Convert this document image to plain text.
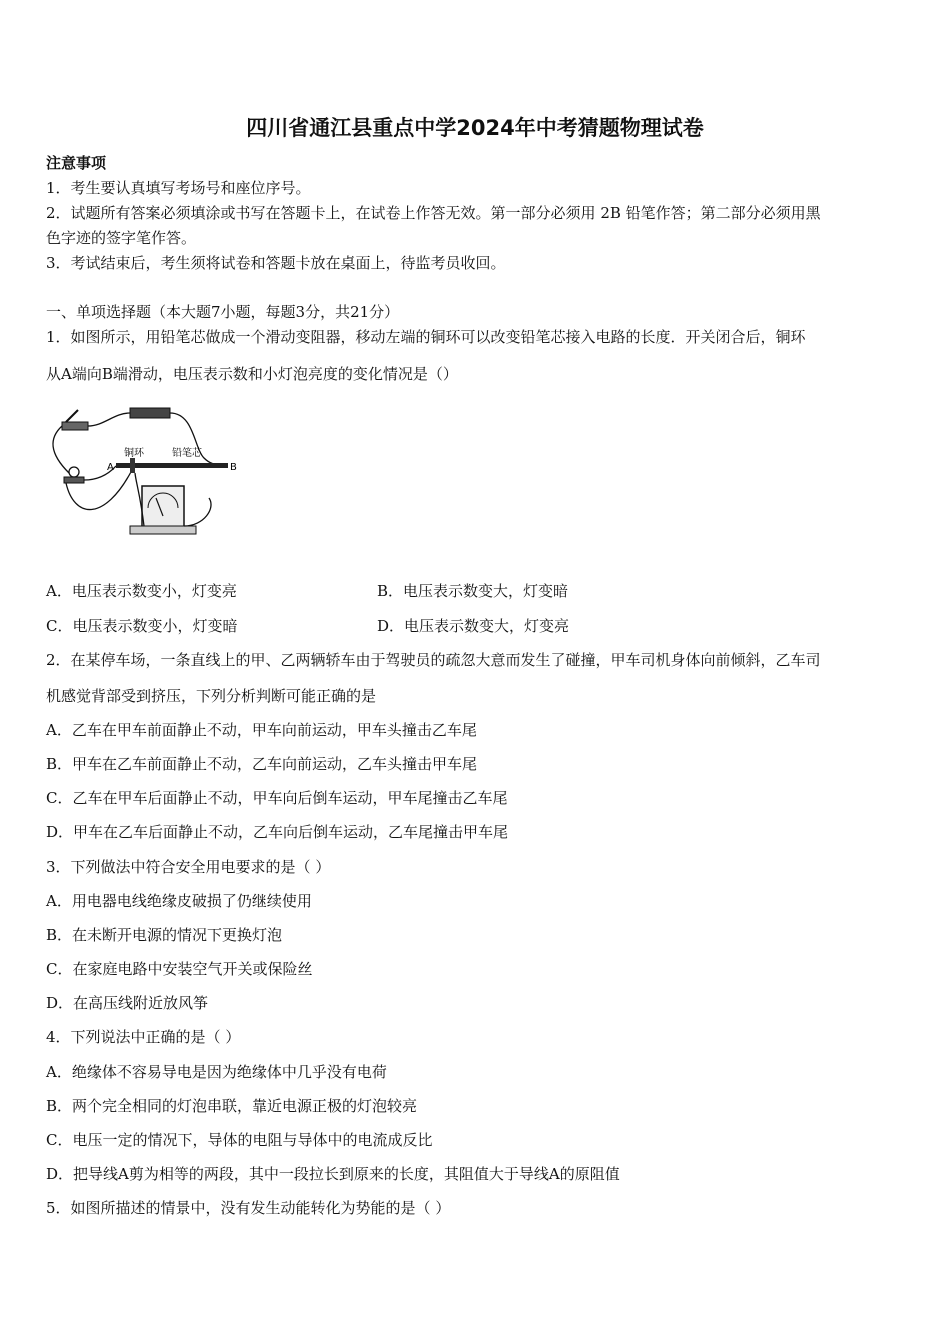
四川省通江县重点中学2024年中考猜题物理试卷
注意事项
1．考生要认真填写考场号和座位序号。
2．试题所有答案必须填涂或书写在答题卡上，在试卷上作答无效。第一部分必须用 2B 铅笔作答；第二部分必须用黑
色字迹的签字笔作答。
3．考试结束后，考生须将试卷和答题卡放在桌面上，待监考员收回。
一、单项选择题（本大题7小题，每题3分，共21分）
1．如图所示，用铅笔芯做成一个滑动变阻器，移动左端的铜环可以改变铅笔芯接入电路的长度．开关闭合后，铜环
从A端向B端滑动，电压表示数和小灯泡亮度的变化情况是（）
A	B
铜环	铅笔芯
A．电压表示数变小，灯变亮	B．电压表示数变大，灯变暗
C．电压表示数变小，灯变暗	D．电压表示数变大，灯变亮
2．在某停车场，一条直线上的甲、乙两辆轿车由于驾驶员的疏忽大意而发生了碰撞，甲车司机身体向前倾斜，乙车司
机感觉背部受到挤压，下列分析判断可能正确的是
A．乙车在甲车前面静止不动，甲车向前运动，甲车头撞击乙车尾
B．甲车在乙车前面静止不动，乙车向前运动，乙车头撞击甲车尾
C．乙车在甲车后面静止不动，甲车向后倒车运动，甲车尾撞击乙车尾
D．甲车在乙车后面静止不动，乙车向后倒车运动，乙车尾撞击甲车尾
3．下列做法中符合安全用电要求的是（ ）
A．用电器电线绝缘皮破损了仍继续使用
B．在未断开电源的情况下更换灯泡
C．在家庭电路中安装空气开关或保险丝
D．在高压线附近放风筝
4．下列说法中正确的是（ ）
A．绝缘体不容易导电是因为绝缘体中几乎没有电荷
B．两个完全相同的灯泡串联，靠近电源正极的灯泡较亮
C．电压一定的情况下，导体的电阻与导体中的电流成反比
D．把导线A剪为相等的两段，其中一段拉长到原来的长度，其阻值大于导线A的原阻值
5．如图所描述的情景中，没有发生动能转化为势能的是（ ）
